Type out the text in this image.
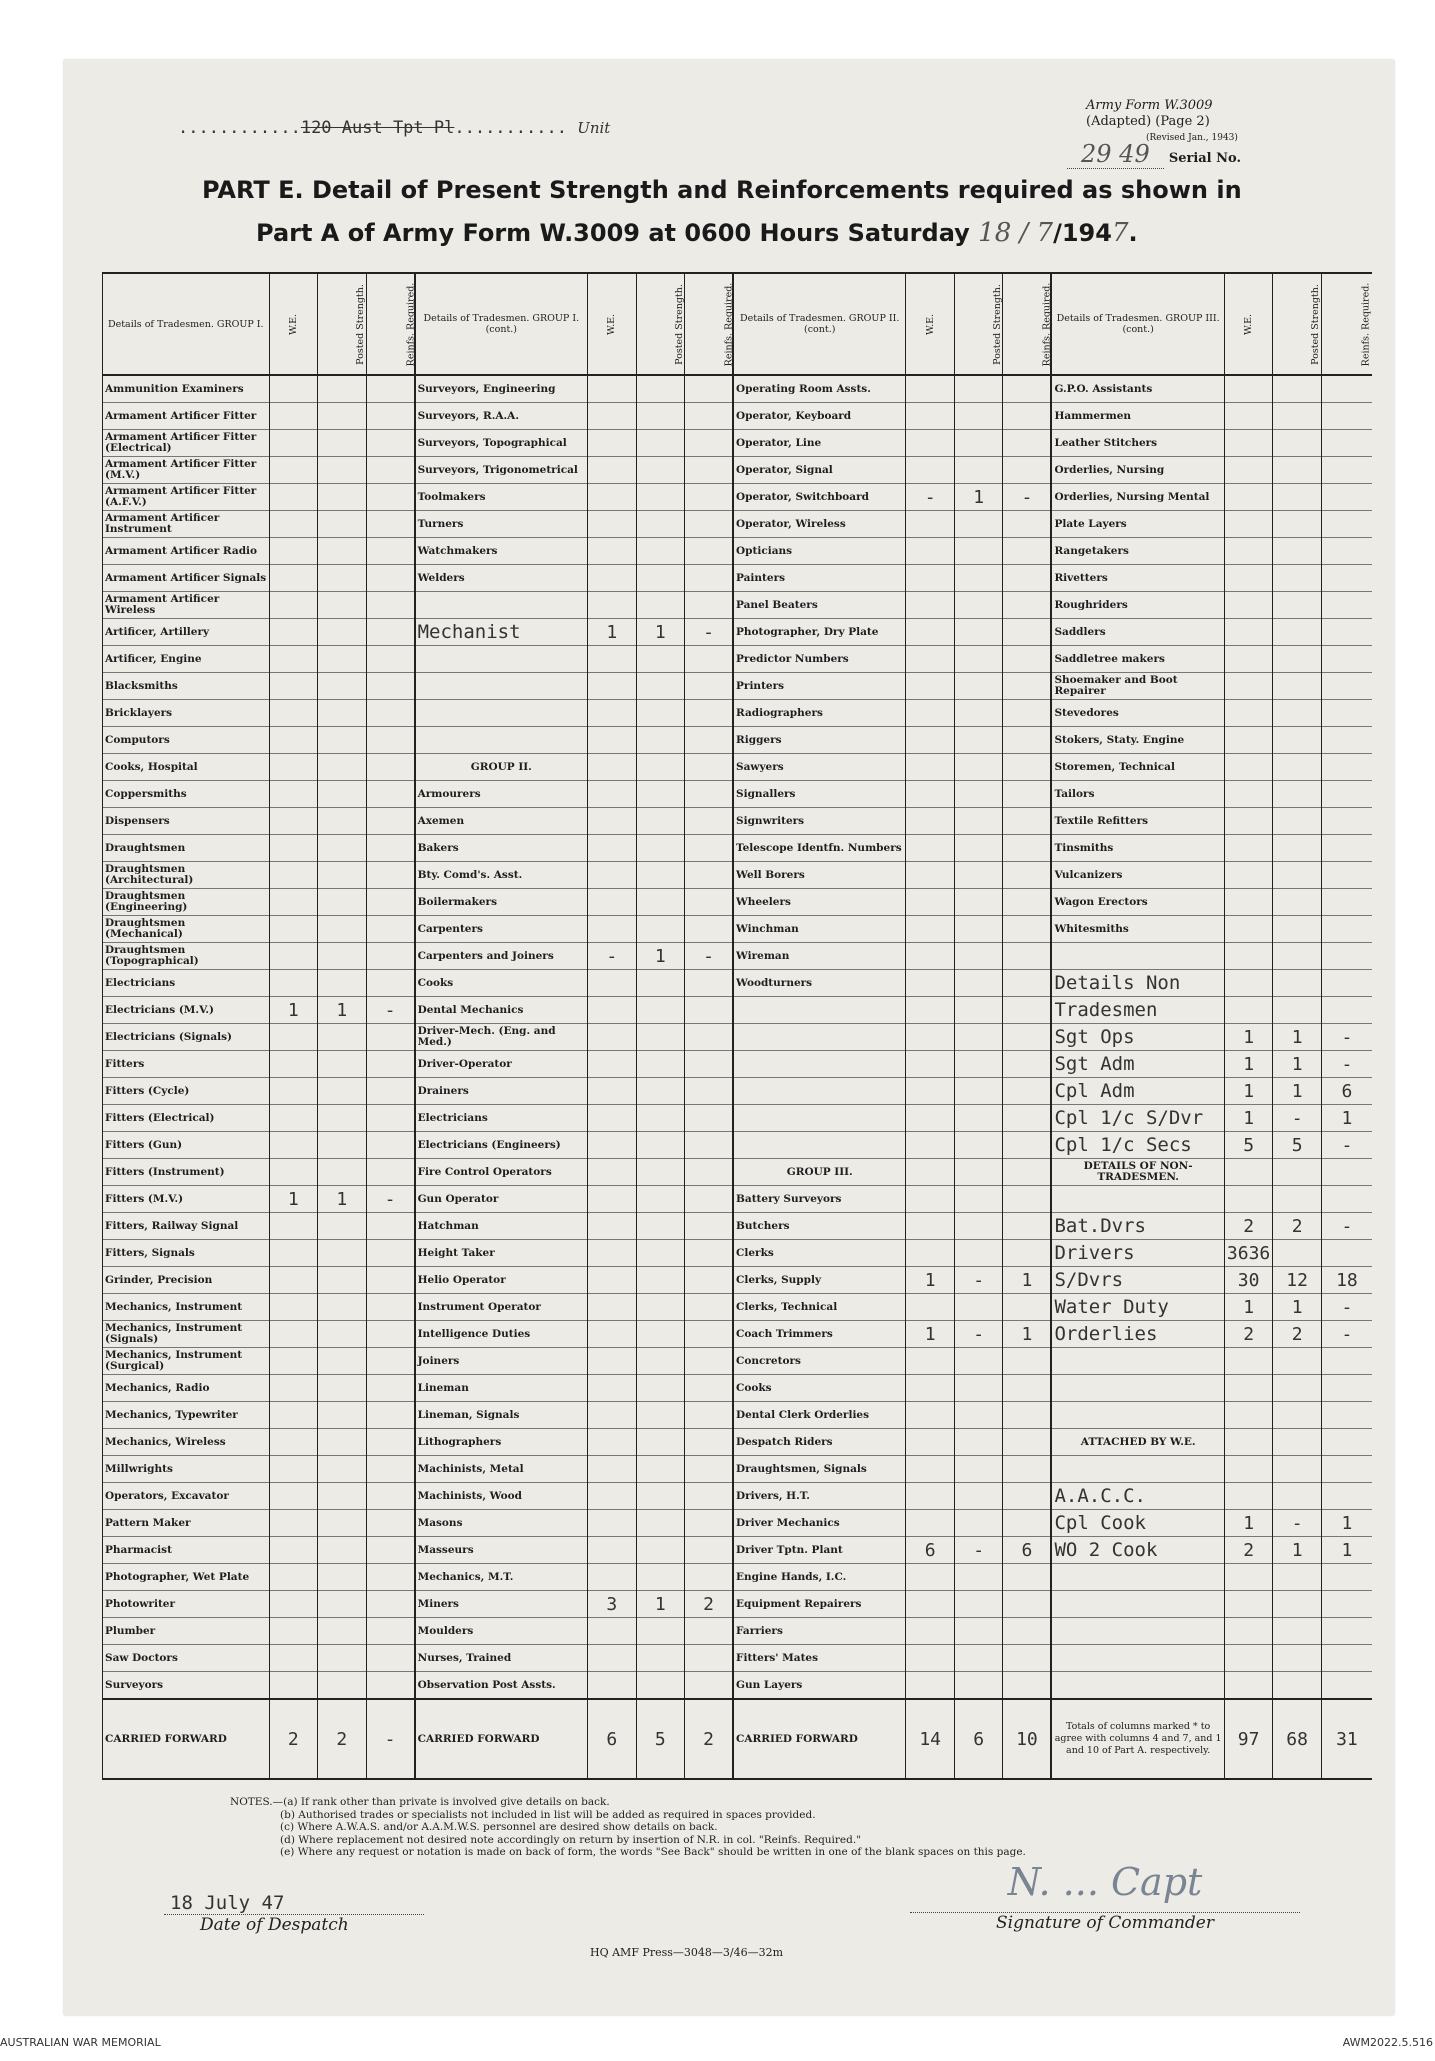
............120 Aust Tpt Pl........... Unit
Army Form W.3009
(Adapted) (Page 2)
(Revised Jan., 1943)
29 49 Serial No.
PART E. Detail of Present Strength and Reinforcements required as shown in
Part A of Army Form W.3009 at 0600 Hours Saturday 18 / 7/1947.
Details of Tradesmen. GROUP I.	W.E.	Posted Strength.	Reinfs. Required.	Details of Tradesmen. GROUP I. (cont.)	W.E.	Posted Strength.	Reinfs. Required.	Details of Tradesmen. GROUP II. (cont.)	W.E.	Posted Strength.	Reinfs. Required.	Details of Tradesmen. GROUP III. (cont.)	W.E.	Posted Strength.	Reinfs. Required.
Ammunition Examiners				Surveyors, Engineering				Operating Room Assts.				G.P.O. Assistants			
Armament Artificer Fitter				Surveyors, R.A.A.				Operator, Keyboard				Hammermen			
Armament Artificer Fitter (Electrical)				Surveyors, Topographical				Operator, Line				Leather Stitchers			
Armament Artificer Fitter (M.V.)				Surveyors, Trigonometrical				Operator, Signal				Orderlies, Nursing			
Armament Artificer Fitter (A.F.V.)				Toolmakers				Operator, Switchboard	-	1	-	Orderlies, Nursing Mental			
Armament Artificer Instrument				Turners				Operator, Wireless				Plate Layers			
Armament Artificer Radio				Watchmakers				Opticians				Rangetakers			
Armament Artificer Signals				Welders				Painters				Rivetters			
Armament Artificer Wireless								Panel Beaters				Roughriders			
Artificer, Artillery				Mechanist	1	1	-	Photographer, Dry Plate				Saddlers			
Artificer, Engine								Predictor Numbers				Saddletree makers			
Blacksmiths								Printers				Shoemaker and Boot Repairer			
Bricklayers								Radiographers				Stevedores			
Computors								Riggers				Stokers, Staty. Engine			
Cooks, Hospital				GROUP II.				Sawyers				Storemen, Technical			
Coppersmiths				Armourers				Signallers				Tailors			
Dispensers				Axemen				Signwriters				Textile Refitters			
Draughtsmen				Bakers				Telescope Identfn. Numbers				Tinsmiths			
Draughtsmen (Architectural)				Bty. Comd's. Asst.				Well Borers				Vulcanizers			
Draughtsmen (Engineering)				Boilermakers				Wheelers				Wagon Erectors			
Draughtsmen (Mechanical)				Carpenters				Winchman				Whitesmiths			
Draughtsmen (Topographical)				Carpenters and Joiners	-	1	-	Wireman							
Electricians				Cooks				Woodturners				Details Non			
Electricians (M.V.)	1	1	-	Dental Mechanics								Tradesmen			
Electricians (Signals)				Driver-Mech. (Eng. and Med.)								Sgt Ops	1	1	-
Fitters				Driver-Operator								Sgt Adm	1	1	-
Fitters (Cycle)				Drainers								Cpl Adm	1	1	6
Fitters (Electrical)				Electricians								Cpl 1/c S/Dvr	1	-	1
Fitters (Gun)				Electricians (Engineers)								Cpl 1/c Secs	5	5	-
Fitters (Instrument)				Fire Control Operators				GROUP III.				DETAILS OF NON-TRADESMEN.			
Fitters (M.V.)	1	1	-	Gun Operator				Battery Surveyors							
Fitters, Railway Signal				Hatchman				Butchers				Bat.Dvrs	2	2	-
Fitters, Signals				Height Taker				Clerks				Drivers	3636		
Grinder, Precision				Helio Operator				Clerks, Supply	1	-	1	S/Dvrs	30	12	18
Mechanics, Instrument				Instrument Operator				Clerks, Technical				Water Duty	1	1	-
Mechanics, Instrument (Signals)				Intelligence Duties				Coach Trimmers	1	-	1	Orderlies	2	2	-
Mechanics, Instrument (Surgical)				Joiners				Concretors							
Mechanics, Radio				Lineman				Cooks							
Mechanics, Typewriter				Lineman, Signals				Dental Clerk Orderlies							
Mechanics, Wireless				Lithographers				Despatch Riders				ATTACHED BY W.E.			
Millwrights				Machinists, Metal				Draughtsmen, Signals							
Operators, Excavator				Machinists, Wood				Drivers, H.T.				A.A.C.C.			
Pattern Maker				Masons				Driver Mechanics				Cpl Cook	1	-	1
Pharmacist				Masseurs				Driver Tptn. Plant	6	-	6	WO 2 Cook	2	1	1
Photographer, Wet Plate				Mechanics, M.T.				Engine Hands, I.C.							
Photowriter				Miners	3	1	2	Equipment Repairers							
Plumber				Moulders				Farriers							
Saw Doctors				Nurses, Trained				Fitters' Mates							
Surveyors				Observation Post Assts.				Gun Layers							
CARRIED FORWARD	2	2	-	CARRIED FORWARD	6	5	2	CARRIED FORWARD	14	6	10	Totals of columns marked * to agree with columns 4 and 7, and 1 and 10 of Part A. respectively.	97	68	31
NOTES.—(a) If rank other than private is involved give details on back.
(b) Authorised trades or specialists not included in list will be added as required in spaces provided.
(c) Where A.W.A.S. and/or A.A.M.W.S. personnel are desired show details on back.
(d) Where replacement not desired note accordingly on return by insertion of N.R. in col. "Reinfs. Required."
(e) Where any request or notation is made on back of form, the words "See Back" should be written in one of the blank spaces on this page.
18 July 47
Date of Despatch
N. ... Capt
Signature of Commander
HQ AMF Press—3048—3/46—32m
AUSTRALIAN WAR MEMORIAL	AWM2022.5.516
